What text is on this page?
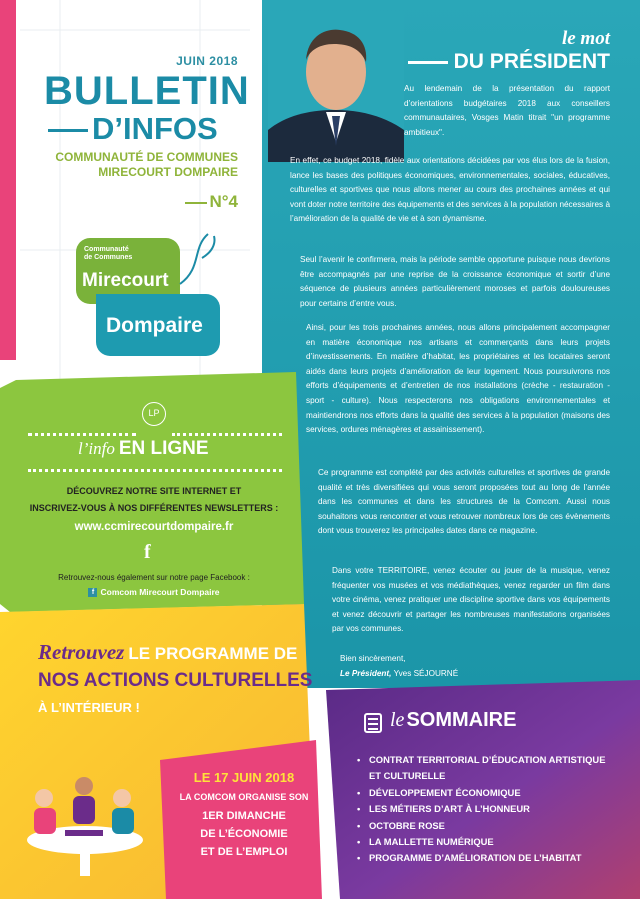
JUIN 2018
BULLETIN
D’INFOS
COMMUNAUTÉ DE COMMUNES
MIRECOURT DOMPAIRE
N°4
Communauté
de Communes
Mirecourt
Dompaire
LP
l’info EN LIGNE
DÉCOUVREZ NOTRE SITE INTERNET ET
INSCRIVEZ-VOUS À NOS DIFFÉRENTES NEWSLETTERS :
www.ccmirecourtdompaire.fr
f
Retrouvez-nous également sur notre page Facebook :
f Comcom Mirecourt Dompaire
Retrouvez LE PROGRAMME DE
NOS ACTIONS CULTURELLES
À L’INTÉRIEUR !
LE 17 JUIN 2018
LA COMCOM ORGANISE SON
1ER DIMANCHE
DE L’ÉCONOMIE
ET DE L’EMPLOI
le mot
DU PRÉSIDENT
Au lendemain de la présentation du rapport d’orientations budgétaires 2018 aux conseillers communautaires, Vosges Matin titrait "un programme ambitieux".
En effet, ce budget 2018, fidèle aux orientations décidées par vos élus lors de la fusion, lance les bases des politiques économiques, environnementales, sociales, éducatives, culturelles et sportives que nous allons mener au cours des prochaines années et qui vont doter notre territoire des équipements et des services à la population nécessaires à l’amélioration de la qualité de vie et à son dynamisme.
Seul l’avenir le confirmera, mais la période semble opportune puisque nous devrions être accompagnés par une reprise de la croissance économique et sortir d’une séquence de plusieurs années particulièrement moroses et parfois douloureuses pour certains d’entre vous.
Ainsi, pour les trois prochaines années, nous allons principalement accompagner en matière économique nos artisans et commerçants dans leurs projets d’investissements. En matière d’habitat, les propriétaires et les locataires seront aidés dans leurs projets d’amélioration de leur logement. Nous poursuivrons nos efforts d’équipements et d’entretien de nos installations (crèche - restauration - sport - culture). Nous respecterons nos obligations environnementales et maintiendrons nos efforts dans la qualité des services à la population (maisons des services, ordures ménagères et assainissement).
Ce programme est complété par des activités culturelles et sportives de grande qualité et très diversifiées qui vous seront proposées tout au long de l’année dans les communes et dans les structures de la Comcom. Aussi nous souhaitons vous rencontrer et vous retrouver nombreux lors de ces évènements dont vous trouverez les principales dates dans ce magazine.
Dans votre TERRITOIRE, venez écouter ou jouer de la musique, venez fréquenter vos musées et vos médiathèques, venez regarder un film dans votre cinéma, venez pratiquer une discipline sportive dans vos équipements et venez découvrir et partager les nombreuses manifestations organisées par vos communes.
Bien sincèrement,
Le Président, Yves SÉJOURNÉ
le SOMMAIRE
• CONTRAT TERRITORIAL D’ÉDUCATION ARTISTIQUE
ET CULTURELLE
• DÉVELOPPEMENT ÉCONOMIQUE
• LES MÉTIERS D’ART À L’HONNEUR
• OCTOBRE ROSE
• LA MALLETTE NUMÉRIQUE
• PROGRAMME D’AMÉLIORATION DE L’HABITAT
